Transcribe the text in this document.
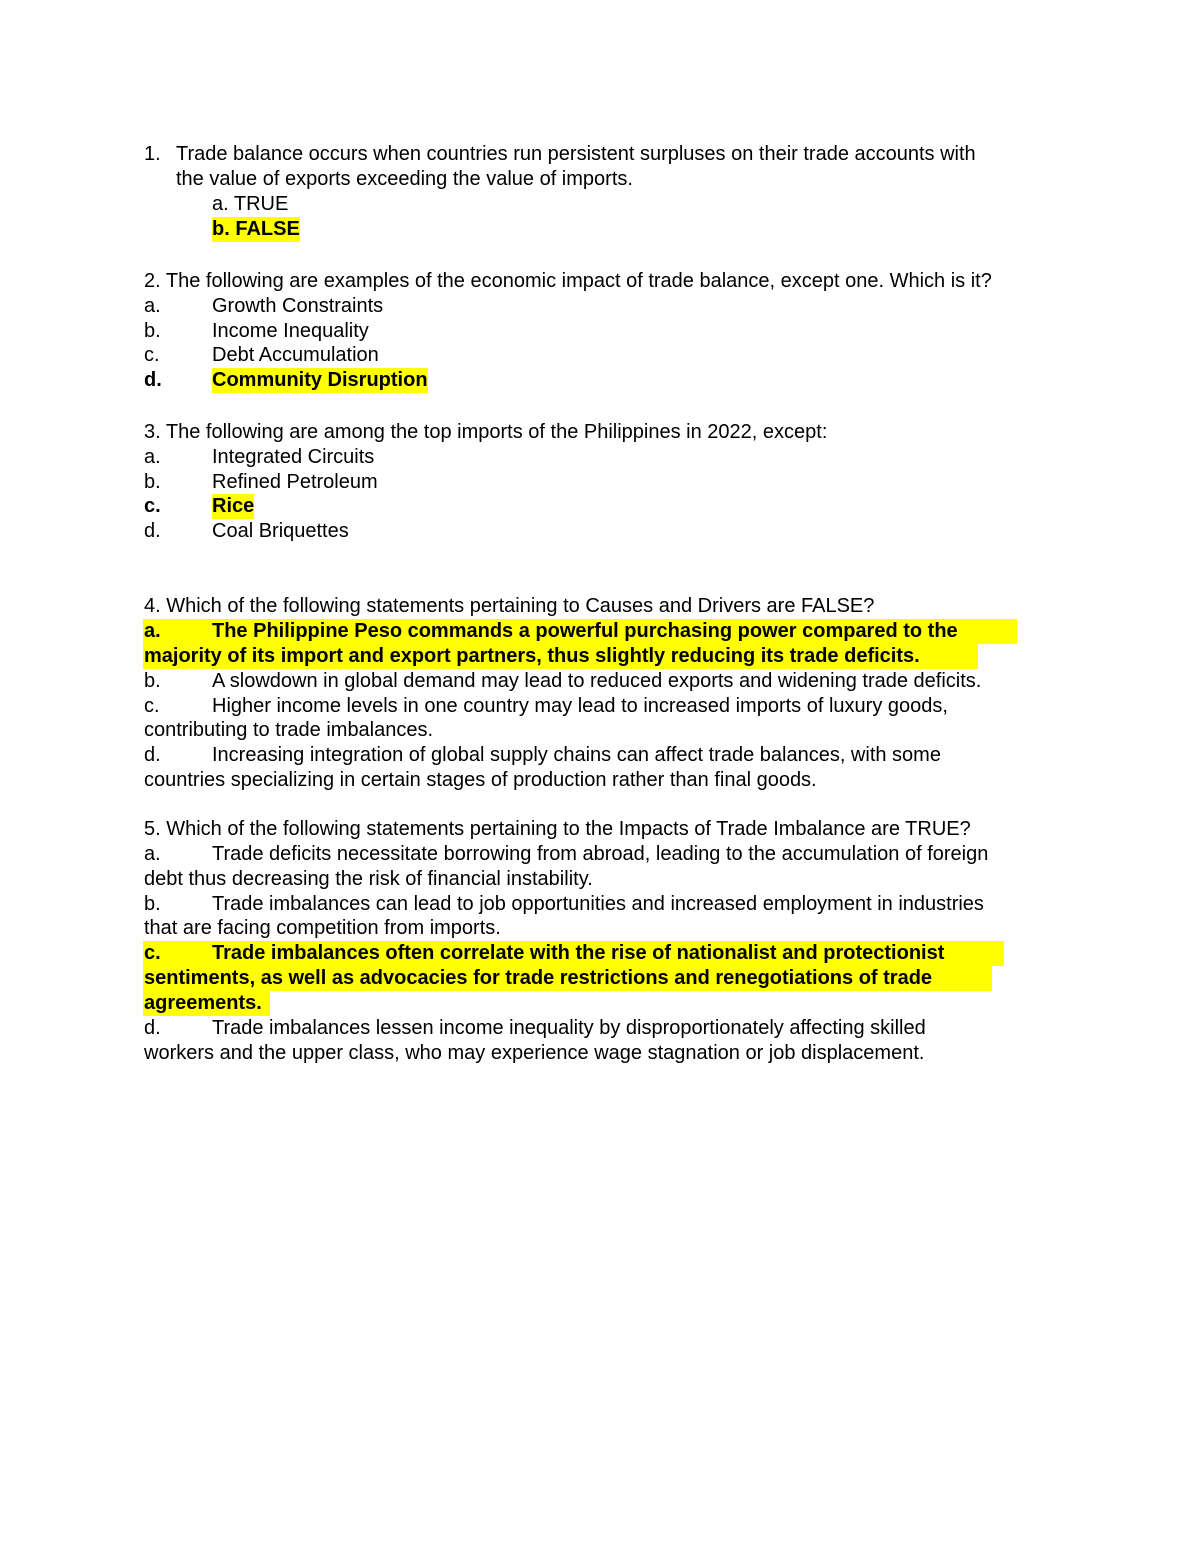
1. Trade balance occurs when countries run persistent surpluses on their trade accounts with
the value of exports exceeding the value of imports.
a. TRUE
b. FALSE
2. The following are examples of the economic impact of trade balance, except one. Which is it?
a.	Growth Constraints
b.	Income Inequality
c.	Debt Accumulation
d.	Community Disruption
3. The following are among the top imports of the Philippines in 2022, except:
a.	Integrated Circuits
b.	Refined Petroleum
c.	Rice
d.	Coal Briquettes
4. Which of the following statements pertaining to Causes and Drivers are FALSE?
a.	The Philippine Peso commands a powerful purchasing power compared to the
majority of its import and export partners, thus slightly reducing its trade deficits.
b.	A slowdown in global demand may lead to reduced exports and widening trade deficits.
c.	Higher income levels in one country may lead to increased imports of luxury goods,
contributing to trade imbalances.
d.	Increasing integration of global supply chains can affect trade balances, with some
countries specializing in certain stages of production rather than final goods.
5. Which of the following statements pertaining to the Impacts of Trade Imbalance are TRUE?
a.	Trade deficits necessitate borrowing from abroad, leading to the accumulation of foreign
debt thus decreasing the risk of financial instability.
b.	Trade imbalances can lead to job opportunities and increased employment in industries
that are facing competition from imports.
c.	Trade imbalances often correlate with the rise of nationalist and protectionist
sentiments, as well as advocacies for trade restrictions and renegotiations of trade
agreements.
d.	Trade imbalances lessen income inequality by disproportionately affecting skilled
workers and the upper class, who may experience wage stagnation or job displacement.
